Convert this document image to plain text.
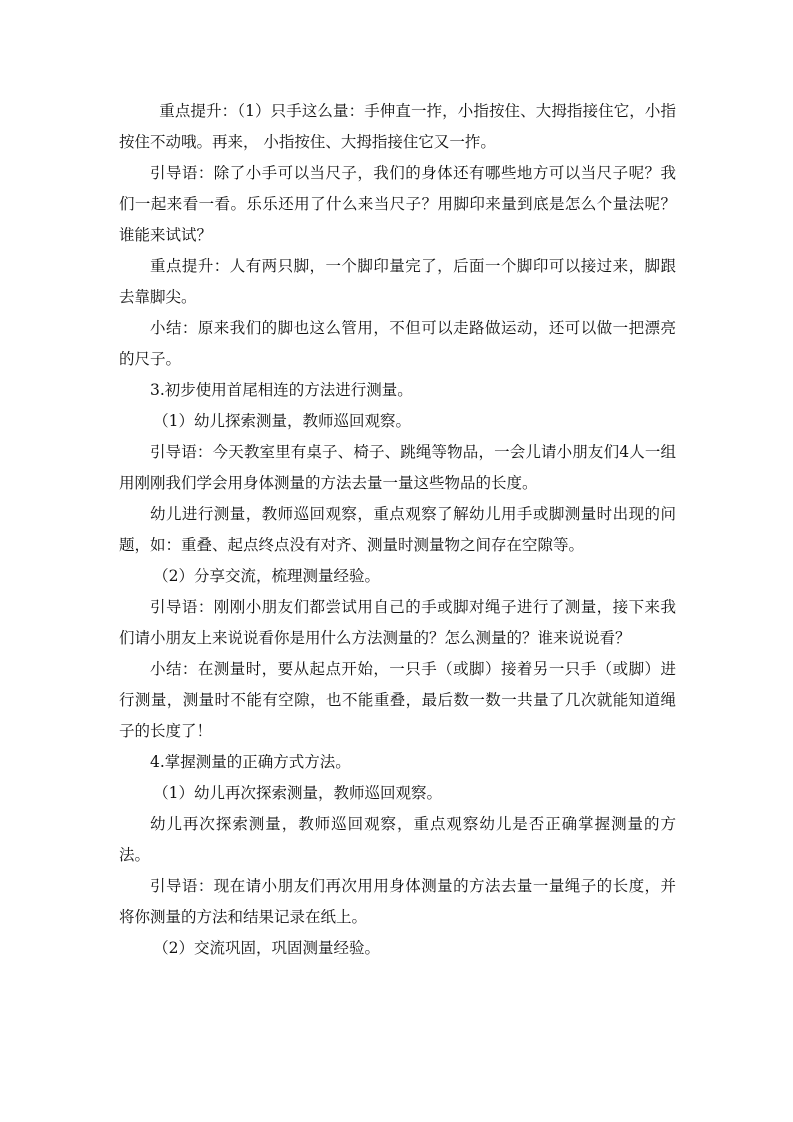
重点提升：（1）只手这么量：手伸直一拃，小指按住、大拇指接住它，小指按住不动哦。再来， 小指按住、大拇指接住它又一拃。

引导语：除了小手可以当尺子，我们的身体还有哪些地方可以当尺子呢？我们一起来看一看。乐乐还用了什么来当尺子？用脚印来量到底是怎么个量法呢？谁能来试试？

重点提升：人有两只脚，一个脚印量完了，后面一个脚印可以接过来，脚跟去靠脚尖。

小结：原来我们的脚也这么管用，不但可以走路做运动，还可以做一把漂亮的尺子。

3.初步使用首尾相连的方法进行测量。

（1）幼儿探索测量，教师巡回观察。

引导语：今天教室里有桌子、椅子、跳绳等物品，一会儿请小朋友们4人一组用刚刚我们学会用身体测量的方法去量一量这些物品的长度。

幼儿进行测量，教师巡回观察，重点观察了解幼儿用手或脚测量时出现的问题，如：重叠、起点终点没有对齐、测量时测量物之间存在空隙等。

（2）分享交流，梳理测量经验。

引导语：刚刚小朋友们都尝试用自己的手或脚对绳子进行了测量，接下来我们请小朋友上来说说看你是用什么方法测量的？怎么测量的？谁来说说看？

小结：在测量时，要从起点开始，一只手（或脚）接着另一只手（或脚）进行测量，测量时不能有空隙，也不能重叠，最后数一数一共量了几次就能知道绳子的长度了！

4.掌握测量的正确方式方法。

（1）幼儿再次探索测量，教师巡回观察。

幼儿再次探索测量，教师巡回观察，重点观察幼儿是否正确掌握测量的方法。

引导语：现在请小朋友们再次用用身体测量的方法去量一量绳子的长度，并将你测量的方法和结果记录在纸上。

（2）交流巩固，巩固测量经验。
